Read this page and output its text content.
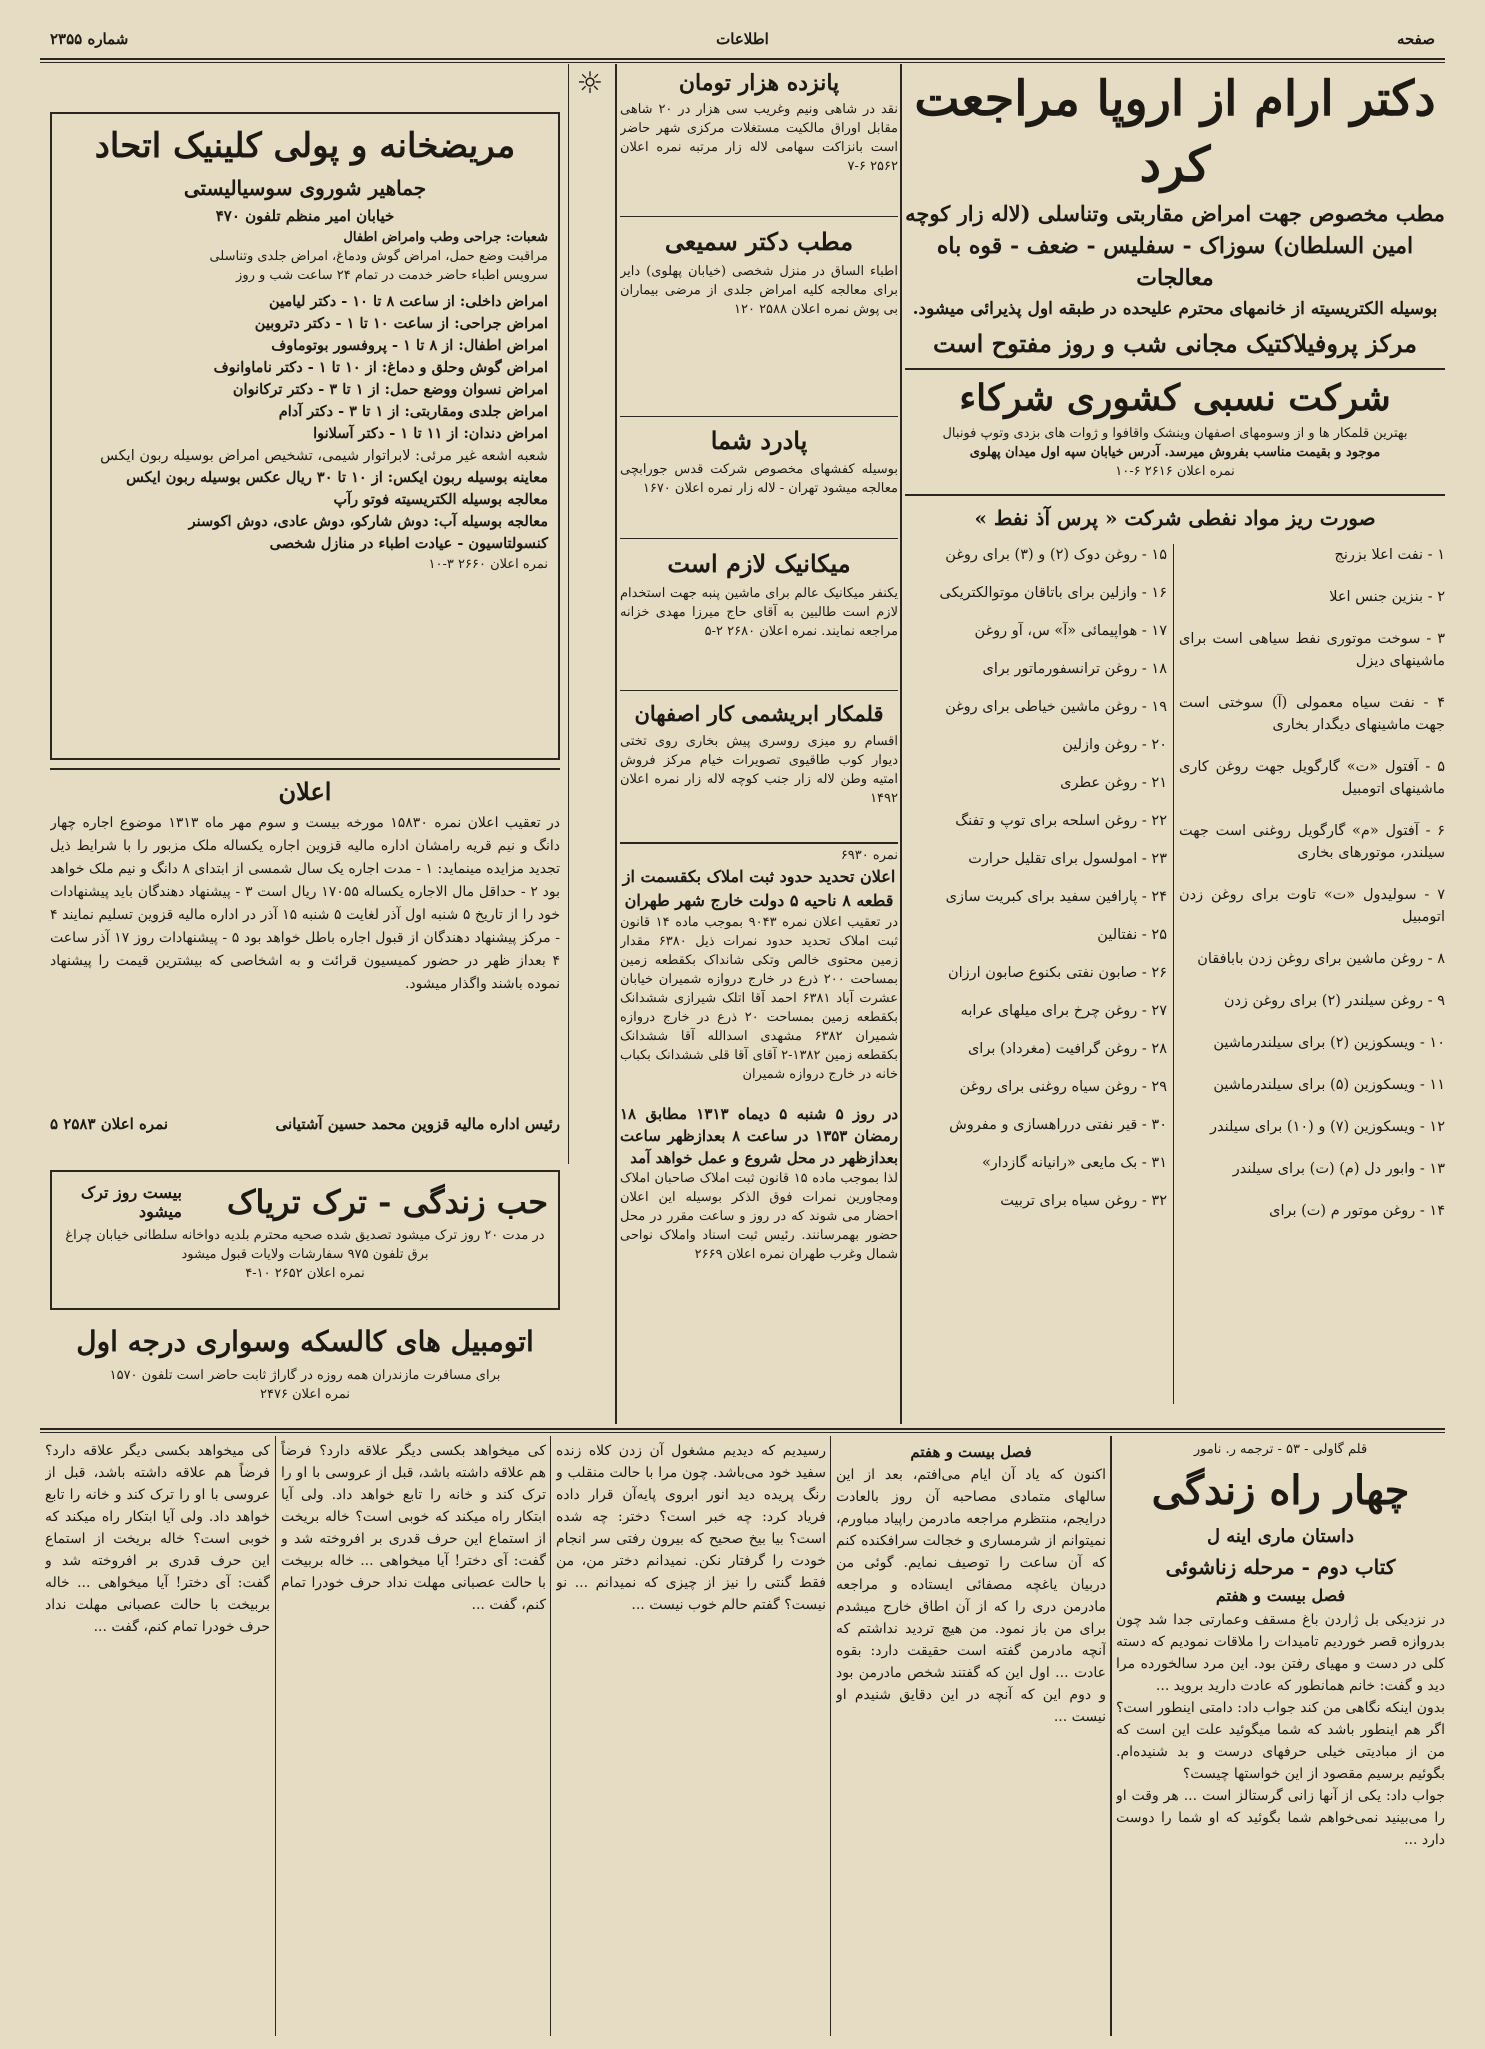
صفحه
اطلاعات
شماره ۲۳۵۵
دکتر ارام از اروپا مراجعت کرد
مطب مخصوص جهت امراض مقاربتی وتناسلی (لاله زار کوچه
امین السلطان) سوزاک - سفلیس - ضعف - قوه باه معالجات
بوسیله الکتریسیته از خانمهای محترم علیحده در طبقه اول پذیرائی میشود.
مرکز پروفیلاکتیک مجانی شب و روز مفتوح است
شرکت نسبی کشوری شرکاء
بهترین قلمکار ها و از وسومهای اصفهان وینشک واقافوا و ژوات های بزدی وتوپ فونبال
موجود و بقیمت مناسب بفروش میرسد. آدرس خیابان سپه اول میدان پهلوی
نمره اعلان ۲۶۱۶ ۶-۱۰
صورت ریز مواد نفطی شرکت « پرس آذ نفط »
۱ - نفت اعلا بزرنج
۲ - بنزین جنس اعلا
۳ - سوخت موتوری نفط سیاهی است برای ماشینهای دیزل
۴ - نفت سیاه معمولی (آ) سوختی است جهت ماشینهای دیگدار بخاری
۵ - آفتول «ت» گارگویل جهت روغن کاری ماشینهای اتومبیل
۶ - آفتول «م» گارگویل روغنی است جهت سیلندر، موتورهای بخاری
۷ - سولیدول «ت» تاوت برای روغن زدن اتومبیل
۸ - روغن ماشین برای روغن زدن بابافقان
۹ - روغن سیلندر (۲) برای روغن زدن
۱۰ - ویسکوزین (۲) برای سیلندرماشین
۱۱ - ویسکوزین (۵) برای سیلندرماشین
۱۲ - ویسکوزین (۷) و (۱۰) برای سیلندر
۱۳ - وابور دل (م) (ت) برای سیلندر
۱۴ - روغن موتور م (ت) برای
۱۵ - روغن دوک (۲) و (۳) برای روغن
۱۶ - وازلین برای باتاقان موتوالکتریکی
۱۷ - هواپیمائی «آ» س، آو روغن
۱۸ - روغن ترانسفورماتور برای
۱۹ - روغن ماشین خیاطی برای روغن
۲۰ - روغن وازلین
۲۱ - روغن عطری
۲۲ - روغن اسلحه برای توپ و تفنگ
۲۳ - امولسول برای تقلیل حرارت
۲۴ - پارافین سفید برای کبریت سازی
۲۵ - نفتالین
۲۶ - صابون نفتی بکنوع صابون ارزان
۲۷ - روغن چرخ برای میلهای عرابه
۲۸ - روغن گرافیت (مغرداد) برای
۲۹ - روغن سیاه روغنی برای روغن
۳۰ - قیر نفتی درراهسازی و مفروش
۳۱ - بک مایعی «رانیانه گازدار»
۳۲ - روغن سیاه برای تربیت
پانزده هزار تومان
نقد در شاهی ونیم وغریب سی هزار در ۲۰ شاهی مقابل اوراق مالکیت مستغلات مرکزی شهر حاضر است بانزاکت سهامی لاله زار مرتبه نمره اعلان ۲۵۶۲ ۶-۷
مطب دکتر سمیعی
اطباء الساق در منزل شخصی (خیابان پهلوی) دایر برای معالجه کلیه امراض جلدی از مرضی بیماران بی پوش نمره اعلان ۲۵۸۸ ۱۲۰
پادرد شما
بوسیله کفشهای مخصوص شرکت قدس جورابچی معالجه میشود تهران - لاله زار نمره اعلان ۱۶۷۰
میکانیک لازم است
یکنفر میکانیک عالم برای ماشین پنبه جهت استخدام لازم است طالبین به آقای حاج میرزا مهدی خزانه مراجعه نمایند. نمره اعلان ۲۶۸۰ ۲-۵
قلمکار ابریشمی کار اصفهان
اقسام رو میزی روسری پیش بخاری روی تختی دیوار کوب طاقیوی تصویرات خیام مرکز فروش امتیه وطن لاله زار جنب کوچه لاله زار نمره اعلان ۱۴۹۲
نمره ۶۹۳۰
اعلان تحدید حدود ثبت املاک بکقسمت از قطعه ۸ ناحیه ۵ دولت خارج شهر طهران
در تعقیب اعلان نمره ۹۰۴۳ بموجب ماده ۱۴ قانون ثبت املاک تحدید حدود نمرات ذیل ۶۳۸۰ مقدار زمین محتوی خالص وتکی شانداک بکقطعه زمین بمساحت ۲۰۰ ذرع در خارج دروازه شمیران خیابان عشرت آباد ۶۳۸۱ احمد آقا اتلک شیرازی ششدانک بکقطعه زمین بمساحت ۲۰ ذرع در خارج دروازه شمیران ۶۳۸۲ مشهدی اسدالله آقا ششدانک بکقطعه زمین ۱۳۸۲-۲ آقای آقا قلی ششدانک بکباب خانه در خارج دروازه شمیران
در روز ۵ شنبه ۵ دیماه ۱۳۱۳ مطابق ۱۸ رمضان ۱۳۵۳ در ساعت ۸ بعدازظهر ساعت بعدازظهر در محل شروع و عمل خواهد آمد
لذا بموجب ماده ۱۵ قانون ثبت املاک صاحبان املاک ومجاورین نمرات فوق الذکر بوسیله این اعلان احضار می شوند که در روز و ساعت مقرر در محل حضور بهمرسانند. رئیس ثبت اسناد واملاک نواحی شمال وغرب طهران نمره اعلان ۲۶۶۹
☼
مریضخانه و پولی کلینیک اتحاد
جماهیر شوروی سوسیالیستی
خیابان امیر منظم تلفون ۴۷۰
شعبات: جراحی وطب وامراض اطفال
مراقبت وضع حمل، امراض گوش ودماغ، امراض جلدی وتناسلی
سرویس اطباء حاضر خدمت در تمام ۲۴ ساعت شب و روز
امراض داخلی: از ساعت ۸ تا ۱۰ - دکتر لیامین
امراض جراحی: از ساعت ۱۰ تا ۱ - دکتر دتروبین
امراض اطفال: از ۸ تا ۱ - پروفسور بوتوماوف
امراض گوش وحلق و دماغ: از ۱۰ تا ۱ - دکتر ناماوانوف
امراض نسوان ووضع حمل: از ۱ تا ۳ - دکتر ترکانوان
امراض جلدی ومقاربتی: از ۱ تا ۳ - دکتر آدام
امراض دندان: از ۱۱ تا ۱ - دکتر آسلانوا
شعبه اشعه غیر مرئی: لابراتوار شیمی، تشخیص امراض بوسیله ربون ایکس
معاینه بوسیله ربون ایکس: از ۱۰ تا ۳۰ ریال عکس بوسیله ربون ایکس
معالجه بوسیله الکتریسیته فوتو رآپ
معالجه بوسیله آب: دوش شارکو، دوش عادی، دوش اکوسنر
کنسولتاسیون - عیادت اطباء در منازل شخصی
نمره اعلان ۲۶۶۰ ۳-۱۰
اعلان
در تعقیب اعلان نمره ۱۵۸۳۰ مورخه بیست و سوم مهر ماه ۱۳۱۳ موضوع اجاره چهار دانگ و نیم قریه رامشان اداره مالیه قزوین اجاره یکساله ملک مزبور را با شرایط ذیل تجدید مزایده مینماید: ۱ - مدت اجاره یک سال شمسی از ابتدای ۸ دانگ و نیم ملک خواهد بود ۲ - حداقل مال الاجاره یکساله ۱۷۰۵۵ ریال است ۳ - پیشنهاد دهندگان باید پیشنهادات خود را از تاریخ ۵ شنبه اول آذر لغایت ۵ شنبه ۱۵ آذر در اداره مالیه قزوین تسلیم نمایند ۴ - مرکز پیشنهاد دهندگان از قبول اجاره باطل خواهد بود ۵ - پیشنهادات روز ۱۷ آذر ساعت ۴ بعداز ظهر در حضور کمیسیون قرائت و به اشخاصی که بیشترین قیمت را پیشنهاد نموده باشند واگذار میشود.
رئیس اداره مالیه قزوین محمد حسین آشتیانی
نمره اعلان ۲۵۸۳ ۵
حب زندگی - ترک تریاک
بیست روز ترک میشود
در مدت ۲۰ روز ترک میشود تصدیق شده صحیه محترم بلدیه دواخانه سلطانی خیابان چراغ برق تلفون ۹۷۵ سفارشات ولایات قبول میشود
نمره اعلان ۲۶۵۲ ۱۰-۴
اتومبیل های کالسکه وسواری درجه اول
برای مسافرت مازندران همه روزه در گاراژ ثابت حاضر است تلفون ۱۵۷۰
نمره اعلان ۲۴۷۶
قلم گاولی - ۵۳ - ترجمه ر. نامور
چهار راه زندگی
داستان ماری اینه ل
کتاب دوم - مرحله زناشوئی
فصل بیست و هفتم
در نزدیکی بل ژاردن باغ مسقف وعمارتی جدا شد چون بدروازه قصر خوردیم تامیدات را ملاقات نمودیم که دسته کلی در دست و مهیای رفتن بود. این مرد سالخورده مرا دید و گفت: خانم همانطور که عادت دارید بروید ...
بدون اینکه نگاهی من کند جواب داد: دامتی اینطور است؟ اگر هم اینطور باشد که شما میگوئید علت این است که من از مبادیتی خیلی حرفهای درست و بد شنیده‌ام. بگوئیم برسیم مقصود از این خواستها چیست؟
جواب داد: یکی از آنها زانی گرستالز است ... هر وقت او را می‌بینید نمی‌خواهم شما بگوئید که او شما را دوست دارد ...
فصل بیست و هفتم
اکنون که یاد آن ایام می‌افتم، بعد از این سالهای متمادی مصاحبه آن روز بالعادت درایجم، منتظرم مراجعه مادرمن راپیاد مباورم، نمیتوانم از شرمساری و خجالت سرافکنده کنم که آن ساعت را توصیف نمایم. گوئی من دربیان یاغچه مصفائی ایستاده و مراجعه مادرمن دری را که از آن اطاق خارج میشدم برای من باز نمود. من هیچ تردید نداشتم که آنچه مادرمن گفته است حقیقت دارد: بقوه عادت ... اول این که گفتند شخص مادرمن بود و دوم این که آنچه در این دقایق شنیدم او نیست ...
رسیدیم که دیدیم مشغول آن زدن کلاه زنده سفید خود می‌باشد. چون مرا با حالت منقلب و رنگ پریده دید انور ابروی پایه‌آن قرار داده فریاد کرد: چه خبر است؟ دختر: چه شده است؟ بیا بیخ صحیح که بیرون رفتی سر انجام خودت را گرفتار نکن. نمیدانم دختر من، من فقط گنتی را نیز از چیزی که نمیدانم ... نو نیست؟ گفتم حالم خوب نیست ...
کی میخواهد بکسی دیگر علاقه دارد؟ فرضاً هم علاقه داشته باشد، قبل از عروسی با او را ترک کند و خانه را تابع خواهد داد. ولی آیا ابتکار راه میکند که خوبی است؟ خاله بریخت از استماع این حرف قدری بر افروخته شد و گفت: آی دختر! آیا میخواهی ... خاله بربیخت با حالت عصبانی مهلت نداد حرف خودرا تمام کنم، گفت ...
کی میخواهد بکسی دیگر علاقه دارد؟ فرضاً هم علاقه داشته باشد، قبل از عروسی با او را ترک کند و خانه را تابع خواهد داد. ولی آیا ابتکار راه میکند که خوبی است؟ خاله بریخت از استماع این حرف قدری بر افروخته شد و گفت: آی دختر! آیا میخواهی ... خاله بربیخت با حالت عصبانی مهلت نداد حرف خودرا تمام کنم، گفت ...
